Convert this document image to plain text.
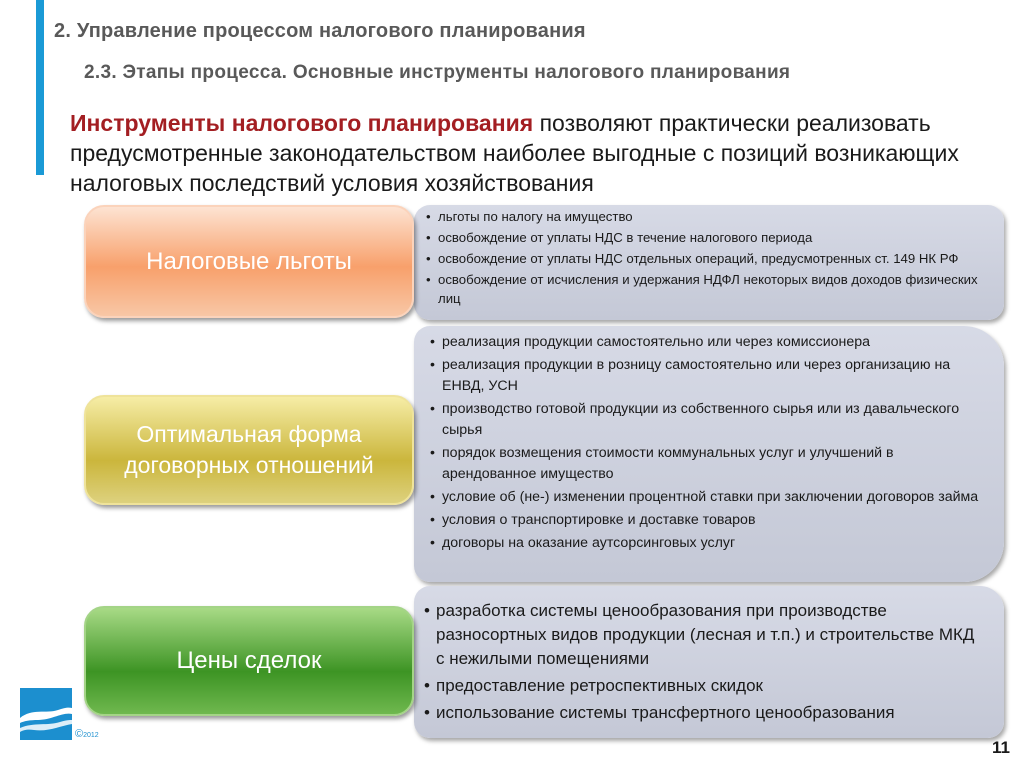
2. Управление процессом налогового планирования
2.3. Этапы процесса. Основные инструменты налогового планирования
Инструменты налогового планирования позволяют практически реализовать предусмотренные законодательством наиболее выгодные с позиций возникающих налоговых последствий условия хозяйствования
• льготы по налогу на имущество
• освобождение от уплаты НДС в течение налогового периода
• освобождение от уплаты НДС отдельных операций, предусмотренных ст. 149 НК РФ
• освобождение от исчисления и удержания НДФЛ некоторых видов доходов физических лиц
• реализация продукции самостоятельно или через комиссионера
• реализация продукции в розницу самостоятельно или через организацию на ЕНВД, УСН
• производство готовой продукции из собственного сырья или из давальческого сырья
• порядок возмещения стоимости коммунальных услуг и улучшений в арендованное имущество
• условие об (не-) изменении процентной ставки при заключении договоров займа
• условия о транспортировке и доставке товаров
• договоры на оказание аутсорсинговых услуг
• разработка системы ценообразования при производстве разносортных видов продукции (лесная и т.п.) и строительстве МКД с нежилыми помещениями
• предоставление ретроспективных скидок
• использование системы трансфертного ценообразования
Налоговые льготы
Оптимальная форма договорных отношений
Цены сделок
©2012
11
